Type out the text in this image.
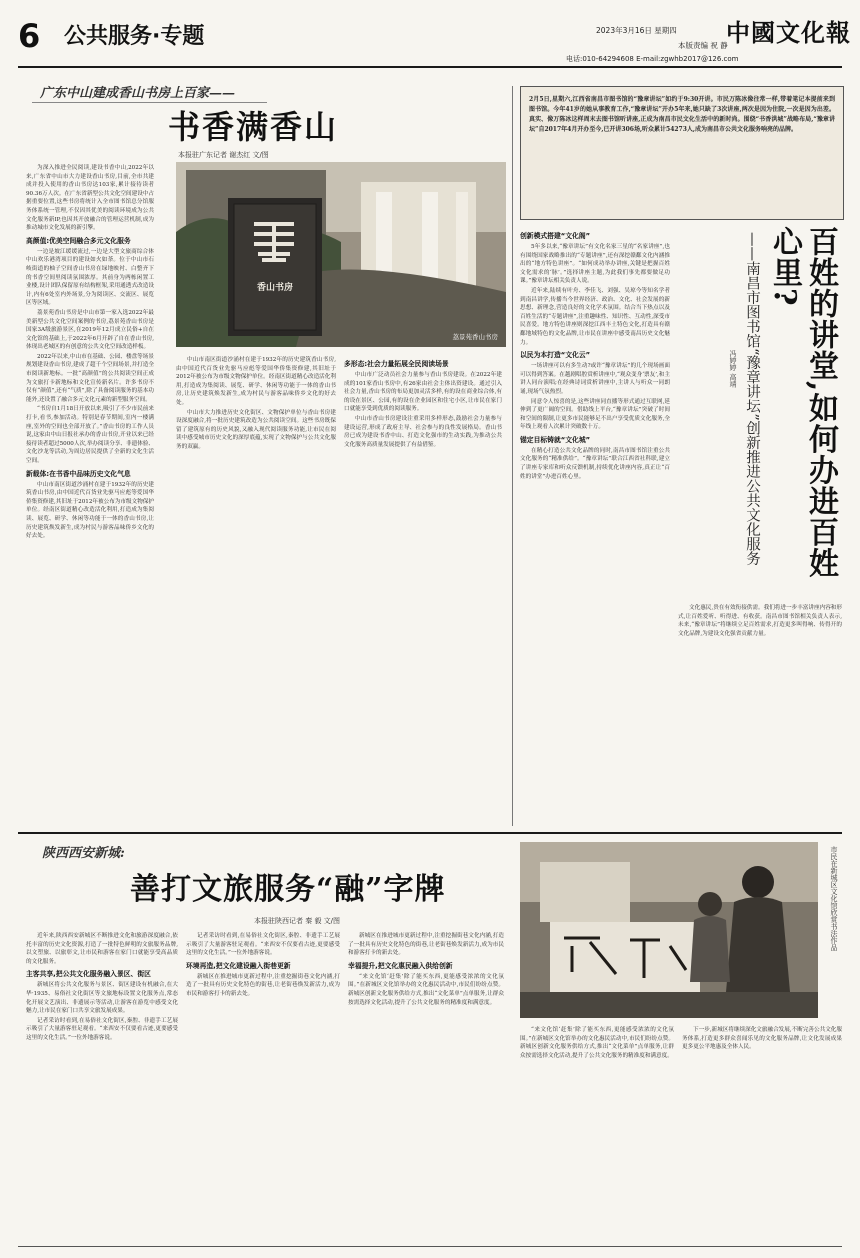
6 公共服务·专题	2023年3月16日 星期四
本版责编 祝 静
电话:010-64294608 E-mail:zgwhb2017@126.com
中國文化報
广东中山建成香山书房上百家——
书香满香山
本报驻广东记者 谢杰红 文/图
香山书房
荔景苑香山书房

为深入推进全民阅读,建设书香中山,2022年以来,广东省中山市大力建设香山书房,目前,全市共建成并投入使用的香山书房达103家,累计接待读者90.36万人次。在广东省新型公共文化空间建设中占据重要位置,这些书房将统计入全市图书馆总分馆服务体系统一管理,不仅因其优美的阅读环境成为公共文化服务新IP,也因其开放融合的管理运营机制,成为推动城市文化发展的新引擎。

高颜值:优美空间融合多元文化服务

一边是坡江缓缓流过,一边是大型文旅商综合体中山欢乐港湾项目的建设如火如荼。位于中山市石岐街道的柚子空间香山书房在绿地映衬、白整齐下的书香空间里阅读氛围浓厚。其前身为两栋闲置工业楼,设计团队保留原有结构框架,采用通透式改造设计,内有6处室内外场景,分为阅读区、交流区、展览区等区域。

荔景苑香山书房是中山市第一家入选2022年最美新型公共文化空间案例的书房,荔景苑香山书房是国家3A级旅游景区,在2019年12月成立民俗+自在文化馆的基础上,于2022年6月开辟了自在香山书房,体现出老城区的有创意的公共文化空间改造样板。

2022年以来,中山市在基础、公园、楼盘等场景规划建设香山书房,建成了超千个空间场景,并打造全市阅读新地标。一批“高颜值”的公共阅读空间正成为文旅打卡新地标和文化宣传新名片。许多书房不仅有“颜值”,还有“气质”,除了具备阅读服务的基本功能外,还设置了融合多元文化元素的新型服务空间。

“书房自1月18日开放以来,吸引了不少市民前来打卡,看书,参加活动。特别是春节期间,室内一楼满座,室外的空间也全部开放了。”香山书房的工作人员说,这家由中山日报社承办的香山书房,开业以来已经接待读者超过5000人次,举办阅读分享、非遗体验、文化沙龙等活动,为周边居民提供了全新的文化生活空间。

新载体:在书香中品味历史文化气息

中山市南区街道沙涌村在建于1932年的历史建筑香山书房,由中国近代百货业先驱马应彪等爱国华侨集资修建,其旧址于2012年被公布为市级文物保护单位。经南区街道精心改造活化利用,打造成为集阅读、展览、研学、休闲等功能于一体的香山书房,让历史建筑焕发新生,成为村民与游客品味侨乡文化的好去处。

中山市南区街道沙涌村在建于1932年的历史建筑香山书房,由中国近代百货业先驱马应彪等爱国华侨集资修建,其旧址于2012年被公布为市级文物保护单位。经南区街道精心改造活化利用,打造成为集阅读、展览、研学、休闲等功能于一体的香山书房,让历史建筑焕发新生,成为村民与游客品味侨乡文化的好去处。

中山市大力推进历史文化街区、文物保护单位与香山书房建设深度融合,将一批历史建筑改造为公共阅读空间。这些书房既保留了建筑原有的历史风貌,又融入现代阅读服务功能,让市民在阅读中感受城市历史文化的深厚底蕴,实现了文物保护与公共文化服务的双赢。

多形态:社会力量拓展全民阅读场景

中山市广泛动员社会力量参与香山书房建设。在2022年建成的101家香山书房中,有26家由社会主体出资建设。通过引入社会力量,香山书房的布局更加灵活多样,有的设在商业综合体,有的设在景区、公园,有的设在企业园区和住宅小区,让市民在家门口就能享受到优质的阅读服务。

中山市香山书房建设注重采用多样形态,鼓励社会力量参与建设运营,形成了政府主导、社会参与的良性发展格局。香山书房已成为建设书香中山、打造文化强市的生动实践,为推动公共文化服务高质量发展提供了有益借鉴。

2月5日,星期六,江西省南昌市图书馆的“豫章讲坛”如约于9:30开讲。市民万陈冰像往常一样,带着笔记本提前来到图书馆。今年41岁的她从事教育工作,“豫章讲坛”开办5年来,她只缺了3次讲座,两次是因为住院,一次是因为出差。真实、像万陈冰这样周末去图书馆听讲座,正成为南昌市民文化生活中的新时尚。围绕“书香洪城”战略布局,“豫章讲坛”自2017年4月开办至今,已开讲306场,听众累计54273人,成为南昌市公共文化服务响亮的品牌。
创新模式搭建“文化阁”

5年多以来,“豫章讲坛”有文化名家三星的“名家讲座”,也有围绕国家战略推出的“专题讲座”,还有深挖赣鄱文化内涵推出的“地方特色讲座”。“如何成功举办讲座,关键是把握百姓文化需求的‘脉’。”选择讲座主题,为此我们事先都要做足功课。”豫章讲坛相关负责人说。

近年来,陆续有叶舟、李佳飞、刘强、吴琼今等知名学者到南昌讲学,传播当今世界经济、政治、文化、社会发展的新思想、新理念,营造良好的文化学术氛围。结合当下热点以及百姓生活的“专题讲座”,注重趣味性、知识性、互动性,深受市民喜爱。地方特色讲座则深挖江西丰土特色文化,打造具有赣鄱地域特色的文化品牌,让市民在讲座中感受南昌历史文化魅力。

以民为本打造“文化云”

一场讲座可以有多生动?或许“豫章讲坛”的几个现场画面可以得到答案。在越剧唱腔赏析讲座中,“观众变身‘票友’,和主讲人同台演唱;在经典诗词赏析讲座中,主讲人与听众一同朗诵,现场气氛热烈。

同意令人惊喜的是,这些讲座同直播等形式通过互联网,延伸到了更广阔的空间。借助线上平台,“豫章讲坛”突破了时间和空间的限制,让更多市民能够足不出户享受优质文化服务,全年线上观看人次累计突破数十万。

锚定目标铸就“文化城”

在精心打造公共文化品牌的同时,南昌市图书馆注重公共文化服务的“精准供给”。“豫章讲坛”联合江西省社科联,建立了讲座专家库和听众反馈机制,持续优化讲座内容,真正让“百姓的讲堂”办进百姓心里。	百姓的讲堂,如何办进百姓心里?
——南昌市图书馆“豫章讲坛”创新推进公共文化服务
冯婷婷 高靖

文化惠民,贵在有效衔接供需。我们将进一步丰富讲座内容和形式,让百姓爱听、听得进、有收获。南昌市图书馆相关负责人表示,未来,“豫章讲坛”将继续立足百姓需求,打造更多叫得响、传得开的文化品牌,为建设文化强省贡献力量。

陕西西安新城:
善打文旅服务“融”字牌
本报驻陕西记者 秦 毅 文/图	市民在新城区文化馆欣赏书法作品

近年来,陕西西安新城区不断推进文化和旅游深度融合,依托丰富的历史文化资源,打造了一批特色鲜明的文旅服务品牌,以文塑旅、以旅彰文,让市民和游客在家门口就能享受高品质的文化服务。

主客共享,把公共文化服务融入景区、街区

新城区将公共文化服务与景区、街区建设有机融合,在大华·1935、易俗社文化街区等文旅地标设置文化服务点,常态化开展文艺演出、非遗展示等活动,让游客在游览中感受文化魅力,让市民在家门口共享文旅发展成果。

记者采访时看到,在易俗社文化街区,秦腔、非遗手工艺展示吸引了大量游客驻足观看。“来西安不仅要看古迹,更要感受这里的文化生活。”一位外地游客说。

记者采访时看到,在易俗社文化街区,秦腔、非遗手工艺展示吸引了大量游客驻足观看。“来西安不仅要看古迹,更要感受这里的文化生活。”一位外地游客说。

环境再造,把文化建设融入街巷更新

新城区在推进城市更新过程中,注重挖掘街巷文化内涵,打造了一批具有历史文化特色的街巷,让老街巷焕发新活力,成为市民和游客打卡的新去处。

新城区在推进城市更新过程中,注重挖掘街巷文化内涵,打造了一批具有历史文化特色的街巷,让老街巷焕发新活力,成为市民和游客打卡的新去处。

幸福提升,把文化惠民融入供给创新

“来文化馆‘赶集’除了能买东西,更能感受浓浓的文化氛围。”在新城区文化馆举办的文化惠民活动中,市民们纷纷点赞。新城区创新文化服务供给方式,推出“文化菜单”点单服务,让群众按需选择文化活动,提升了公共文化服务的精准度和满意度。

“来文化馆‘赶集’除了能买东西,更能感受浓浓的文化氛围。”在新城区文化馆举办的文化惠民活动中,市民们纷纷点赞。新城区创新文化服务供给方式,推出“文化菜单”点单服务,让群众按需选择文化活动,提升了公共文化服务的精准度和满意度。

下一步,新城区将继续深化文旅融合发展,不断完善公共文化服务体系,打造更多群众喜闻乐见的文化服务品牌,让文化发展成果更多更公平地惠及全体人民。
